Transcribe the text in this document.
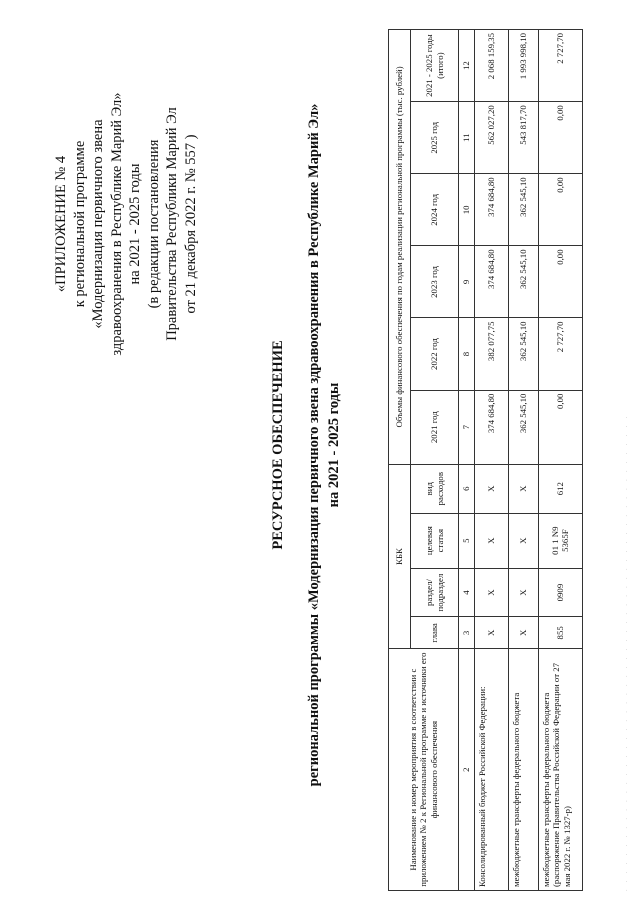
«ПРИЛОЖЕНИЕ № 4 к региональной программе «Модернизация первичного звена здравоохранения в Республике Марий Эл» на 2021 - 2025 годы (в редакции постановления Правительства Республики Марий Эл от 21 декабря 2022 г. № 557 )
РЕСУРСНОЕ ОБЕСПЕЧЕНИЕ региональной программы «Модернизация первичного звена здравоохранения в Республике Марий Эл» на 2021 - 2025 годы
Наименование и номер мероприятия в соответствии с приложением № 2 к Региональной программе и источники его финансового обеспечения	КБК				Объемы финансового обеспечения по годам реализации региональной программы (тыс. рублей)					
	глава	раздел/ подраздел	целевая статья	вид расходов	2021 год	2022 год	2023 год	2024 год	2025 год	2021 - 2025 годы (итого)
2	3	4	5	6	7	8	9	10	11	12
Консолидированный бюджет Российской Федерации:	X	X	X	X	374 684,80	382 077,75	374 684,80	374 684,80	562 027,20	2 068 159,35
межбюджетные трансферты федерального бюджета	X	X	X	X	362 545,10	362 545,10	362 545,10	362 545,10	543 817,70	1 993 998,10
межбюджетные трансферты федерального бюджета (распоряжение Правительства Российской Федерации от 27 мая 2022 г. № 1327-р)	855	0909	01 1 N9 5365F	612	0,00	2 727,70	0,00	0,00	0,00	2 727,70
· · · · · · · · · · · · · · · · · · · · · · · · · · · · · · · · · · · · · · · · · · · · · · · · · · · · · ·
